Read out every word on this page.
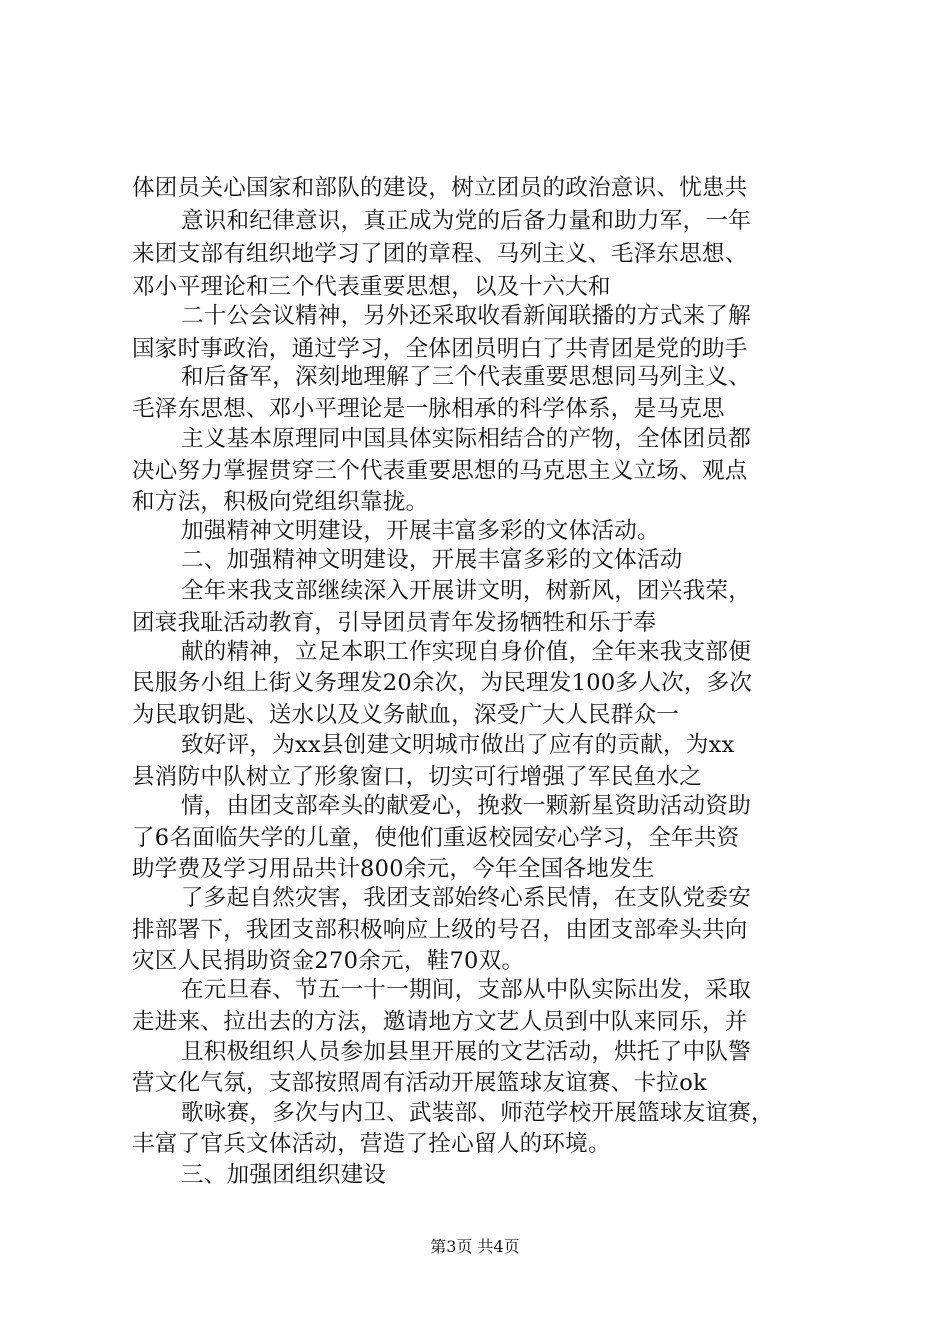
体团员关心国家和部队的建设，树立团员的政治意识、忧患共
意识和纪律意识，真正成为党的后备力量和助力军，一年
来团支部有组织地学习了团的章程、马列主义、毛泽东思想、
邓小平理论和三个代表重要思想，以及十六大和
二十公会议精神，另外还采取收看新闻联播的方式来了解
国家时事政治，通过学习，全体团员明白了共青团是党的助手
和后备军，深刻地理解了三个代表重要思想同马列主义、
毛泽东思想、邓小平理论是一脉相承的科学体系，是马克思
主义基本原理同中国具体实际相结合的产物，全体团员都
决心努力掌握贯穿三个代表重要思想的马克思主义立场、观点
和方法，积极向党组织靠拢。
加强精神文明建设，开展丰富多彩的文体活动。
二、加强精神文明建设，开展丰富多彩的文体活动
全年来我支部继续深入开展讲文明，树新风，团兴我荣，
团衰我耻活动教育，引导团员青年发扬牺牲和乐于奉
献的精神，立足本职工作实现自身价值，全年来我支部便
民服务小组上街义务理发20余次，为民理发100多人次，多次
为民取钥匙、送水以及义务献血，深受广大人民群众一
致好评，为xx县创建文明城市做出了应有的贡献，为xx
县消防中队树立了形象窗口，切实可行增强了军民鱼水之
情，由团支部牵头的献爱心，挽救一颗新星资助活动资助
了6名面临失学的儿童，使他们重返校园安心学习，全年共资
助学费及学习用品共计800余元，今年全国各地发生
了多起自然灾害，我团支部始终心系民情，在支队党委安
排部署下，我团支部积极响应上级的号召，由团支部牵头共向
灾区人民捐助资金270余元，鞋70双。
在元旦春、节五一十一期间，支部从中队实际出发，采取
走进来、拉出去的方法，邀请地方文艺人员到中队来同乐，并
且积极组织人员参加县里开展的文艺活动，烘托了中队警
营文化气氛，支部按照周有活动开展篮球友谊赛、卡拉ok
歌咏赛，多次与内卫、武装部、师范学校开展篮球友谊赛，
丰富了官兵文体活动，营造了拴心留人的环境。
三、加强团组织建设
第3页 共4页
